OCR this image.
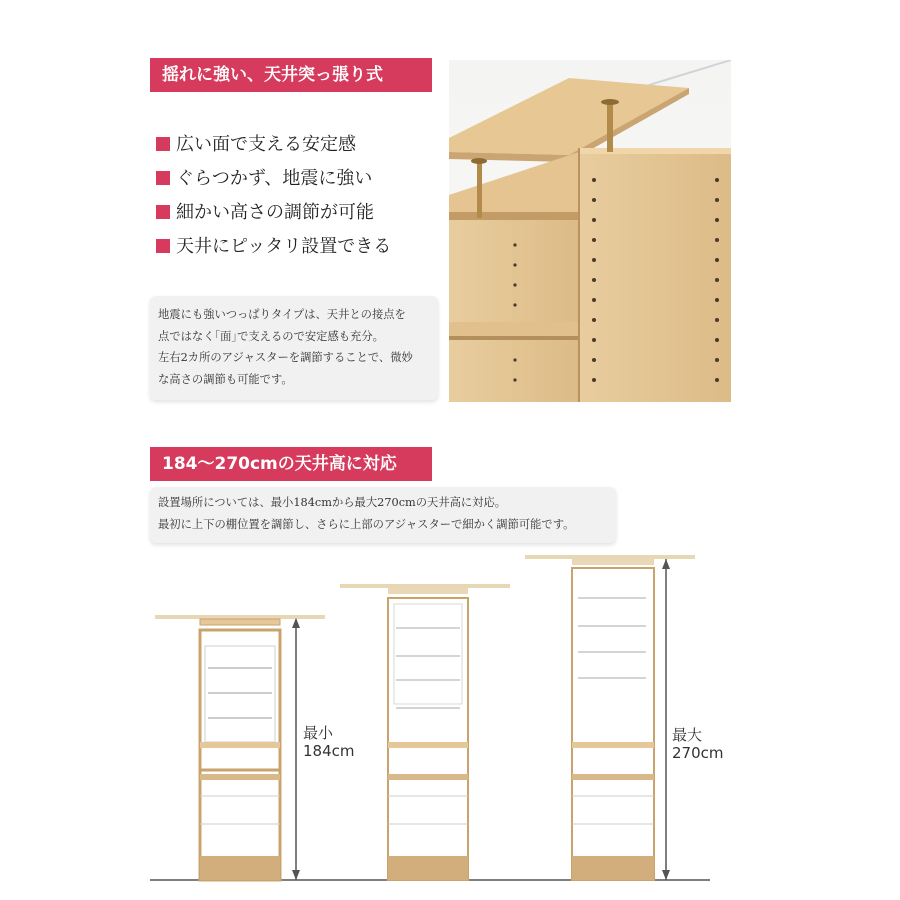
揺れに強い、天井突っ張り式
広い面で支える安定感
ぐらつかず、地震に強い
細かい高さの調節が可能
天井にピッタリ設置できる
地震にも強いつっぱりタイプは、天井との接点を
点ではなく｢面｣で支えるので安定感も充分。
左右2カ所のアジャスターを調節することで、微妙
な高さの調節も可能です。
184〜270cmの天井高に対応
設置場所については、最小184cmから最大270cmの天井高に対応。
最初に上下の棚位置を調節し、さらに上部のアジャスターで細かく調節可能です。
最小
184cm
最大
270cm
